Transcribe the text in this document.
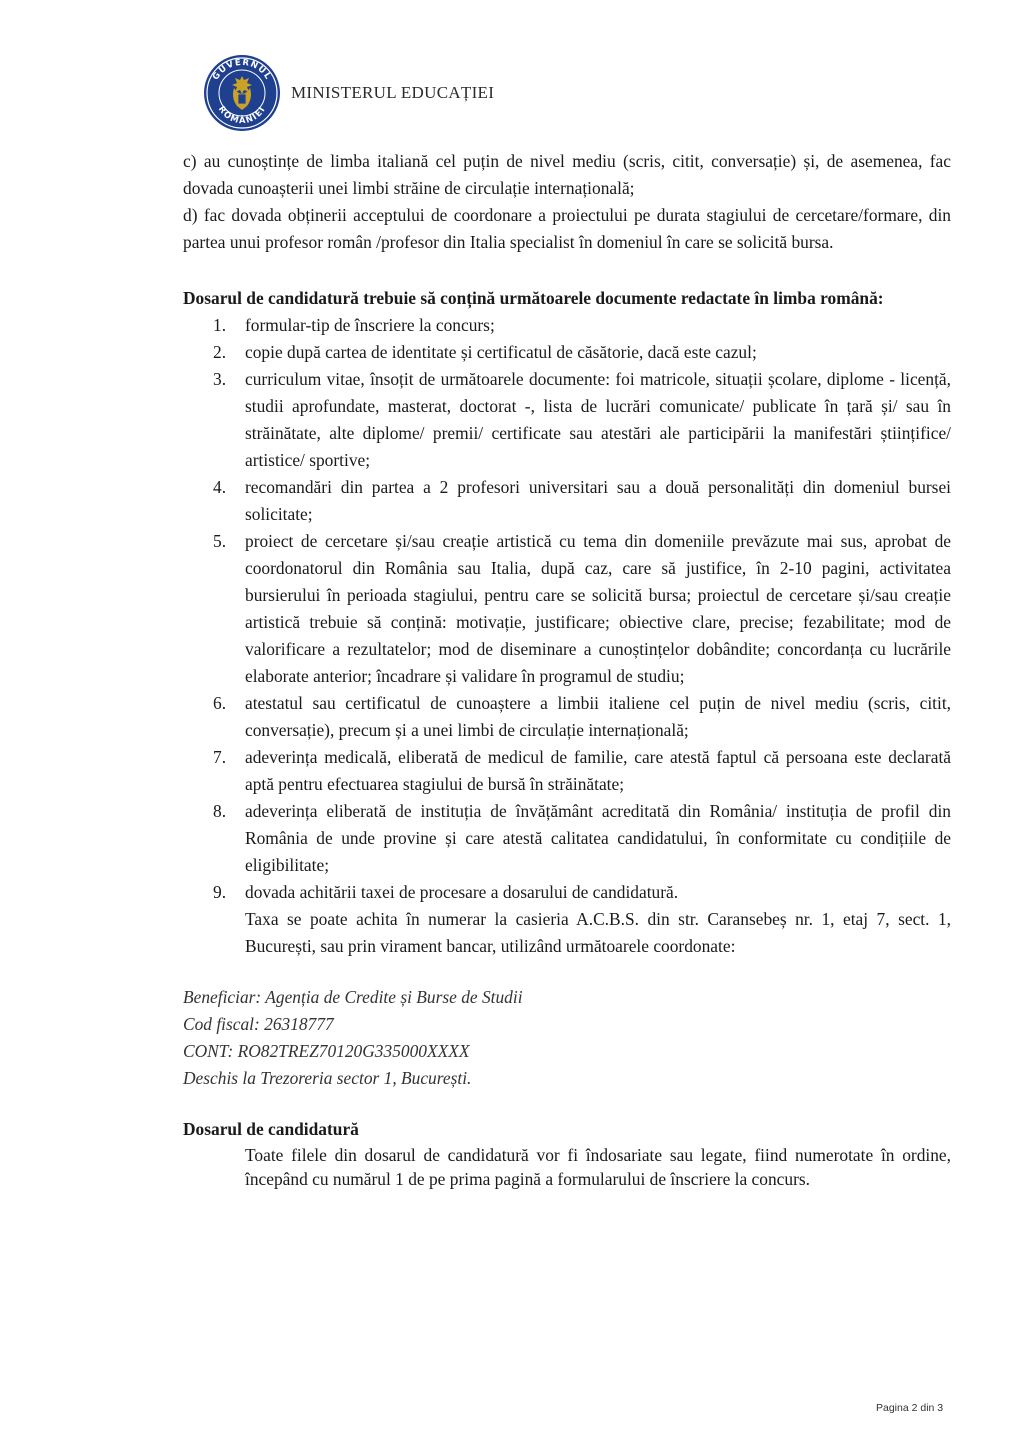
GUVERNUL
ROMÂNIEI
MINISTERUL EDUCAȚIEI

c) au cunoștințe de limba italiană cel puțin de nivel mediu (scris, citit, conversație) și, de asemenea, fac dovada cunoașterii unei limbi străine de circulație internațională;

d) fac dovada obținerii acceptului de coordonare a proiectului pe durata stagiului de cercetare/formare, din partea unui profesor român /profesor din Italia specialist în domeniul în care se solicită bursa.

Dosarul de candidatură trebuie să conțină următoarele documente redactate în limba română:

1. formular-tip de înscriere la concurs;
2. copie după cartea de identitate și certificatul de căsătorie, dacă este cazul;
3. curriculum vitae, însoțit de următoarele documente: foi matricole, situații școlare, diplome - licență, studii aprofundate, masterat, doctorat -, lista de lucrări comunicate/ publicate în țară și/ sau în străinătate, alte diplome/ premii/ certificate sau atestări ale participării la manifestări științifice/ artistice/ sportive;
4. recomandări din partea a 2 profesori universitari sau a două personalități din domeniul bursei solicitate;
5. proiect de cercetare și/sau creație artistică cu tema din domeniile prevăzute mai sus, aprobat de coordonatorul din România sau Italia, după caz, care să justifice, în 2-10 pagini, activitatea bursierului în perioada stagiului, pentru care se solicită bursa; proiectul de cercetare și/sau creație artistică trebuie să conțină: motivație, justificare; obiective clare, precise; fezabilitate; mod de valorificare a rezultatelor; mod de diseminare a cunoștințelor dobândite; concordanța cu lucrările elaborate anterior; încadrare și validare în programul de studiu;
6. atestatul sau certificatul de cunoaștere a limbii italiene cel puțin de nivel mediu (scris, citit, conversație), precum și a unei limbi de circulație internațională;
7. adeverința medicală, eliberată de medicul de familie, care atestă faptul că persoana este declarată aptă pentru efectuarea stagiului de bursă în străinătate;
8. adeverința eliberată de instituția de învățământ acreditată din România/ instituția de profil din România de unde provine și care atestă calitatea candidatului, în conformitate cu condițiile de eligibilitate;
9. dovada achitării taxei de procesare a dosarului de candidatură.

Taxa se poate achita în numerar la casieria A.C.B.S. din str. Caransebeș nr. 1, etaj 7, sect. 1, București, sau prin virament bancar, utilizând următoarele coordonate:

Beneficiar: Agenția de Credite și Burse de Studii

Cod fiscal: 26318777

CONT: RO82TREZ70120G335000XXXX

Deschis la Trezoreria sector 1, București.

Dosarul de candidatură

Toate filele din dosarul de candidatură vor fi îndosariate sau legate, fiind numerotate în ordine, începând cu numărul 1 de pe prima pagină a formularului de înscriere la concurs.

Pagina 2 din 3
